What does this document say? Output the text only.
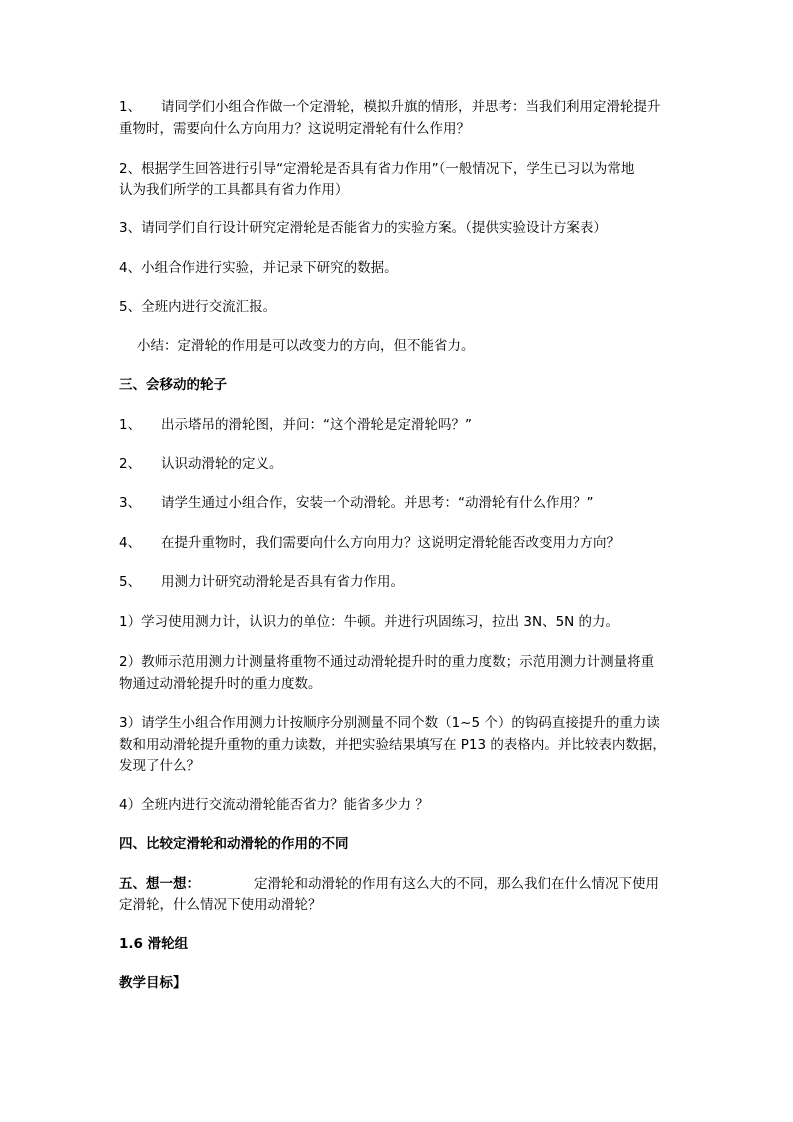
1、 请同学们小组合作做一个定滑轮，模拟升旗的情形，并思考：当我们利用定滑轮提升
重物时，需要向什么方向用力？这说明定滑轮有什么作用？
2、根据学生回答进行引导“定滑轮是否具有省力作用”（一般情况下，学生已习以为常地
认为我们所学的工具都具有省力作用）
3、请同学们自行设计研究定滑轮是否能省力的实验方案。（提供实验设计方案表）
4、小组合作进行实验，并记录下研究的数据。
5、全班内进行交流汇报。
小结：定滑轮的作用是可以改变力的方向，但不能省力。
三、会移动的轮子
1、 出示塔吊的滑轮图，并问：“这个滑轮是定滑轮吗？”
2、 认识动滑轮的定义。
3、 请学生通过小组合作，安装一个动滑轮。并思考：“动滑轮有什么作用？”
4、 在提升重物时，我们需要向什么方向用力？这说明定滑轮能否改变用力方向？
5、 用测力计研究动滑轮是否具有省力作用。
1）学习使用测力计，认识力的单位：牛顿。并进行巩固练习，拉出 3N、5N 的力。
2）教师示范用测力计测量将重物不通过动滑轮提升时的重力度数；示范用测力计测量将重
物通过动滑轮提升时的重力度数。
3）请学生小组合作用测力计按顺序分别测量不同个数（1~5 个）的钩码直接提升的重力读
数和用动滑轮提升重物的重力读数，并把实验结果填写在 P13 的表格内。并比较表内数据，
发现了什么？
4）全班内进行交流动滑轮能否省力？能省多少力 ？
四、比较定滑轮和动滑轮的作用的不同
五、想一想：	定滑轮和动滑轮的作用有这么大的不同，那么我们在什么情况下使用
定滑轮，什么情况下使用动滑轮？
1.6 滑轮组
教学目标】
